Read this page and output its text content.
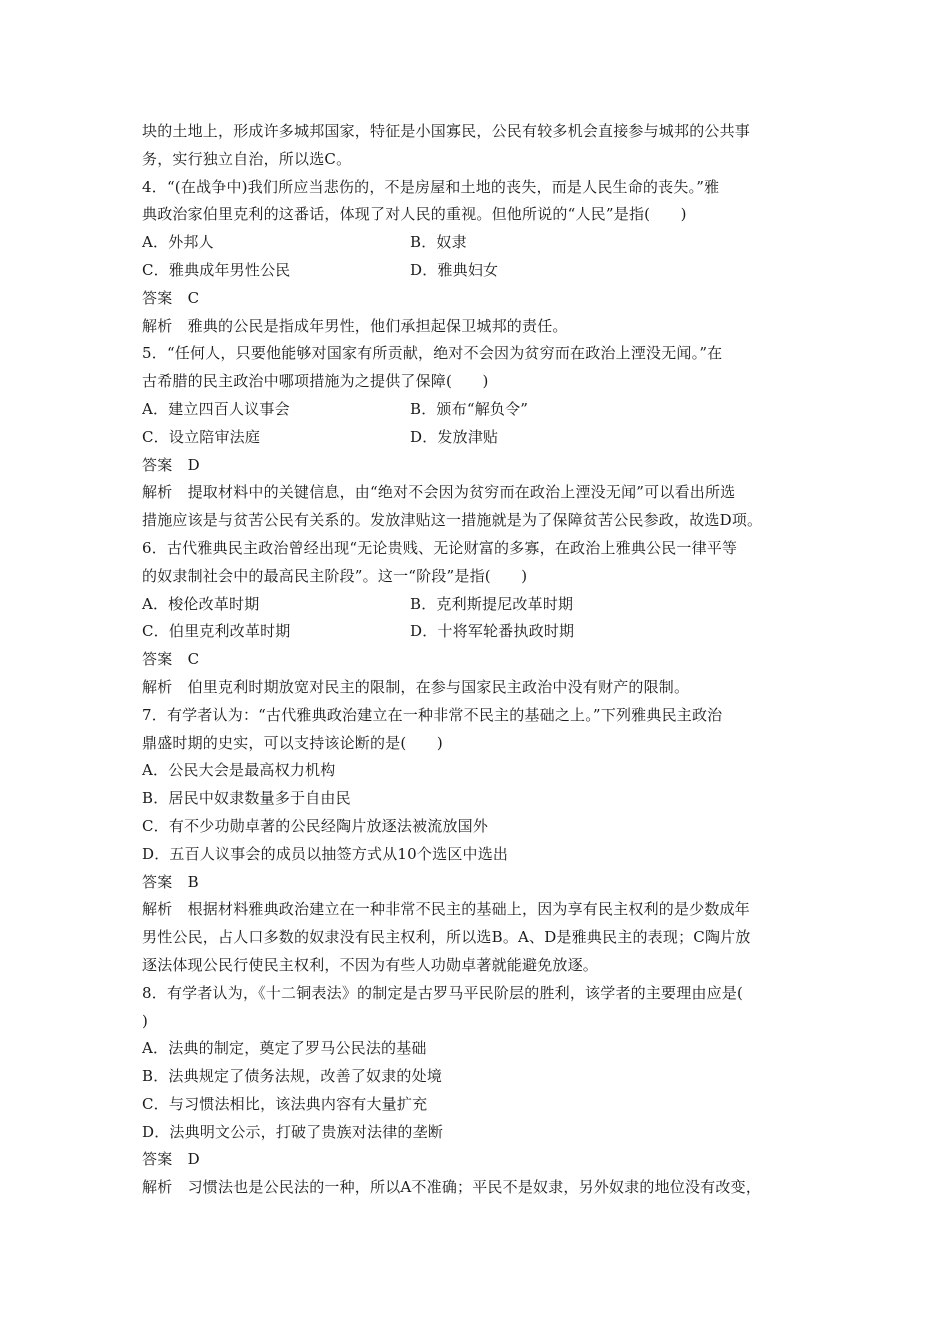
块的土地上，形成许多城邦国家，特征是小国寡民，公民有较多机会直接参与城邦的公共事
务，实行独立自治，所以选C。
4．“(在战争中)我们所应当悲伤的，不是房屋和土地的丧失，而是人民生命的丧失。”雅
典政治家伯里克利的这番话，体现了对人民的重视。但他所说的“人民”是指(　　)
A．外邦人	B．奴隶
C．雅典成年男性公民	D．雅典妇女
答案　C
解析　雅典的公民是指成年男性，他们承担起保卫城邦的责任。
5．“任何人，只要他能够对国家有所贡献，绝对不会因为贫穷而在政治上湮没无闻。”在
古希腊的民主政治中哪项措施为之提供了保障(　　)
A．建立四百人议事会	B．颁布“解负令”
C．设立陪审法庭	D．发放津贴
答案　D
解析　提取材料中的关键信息，由“绝对不会因为贫穷而在政治上湮没无闻”可以看出所选
措施应该是与贫苦公民有关系的。发放津贴这一措施就是为了保障贫苦公民参政，故选D项。
6．古代雅典民主政治曾经出现“无论贵贱、无论财富的多寡，在政治上雅典公民一律平等
的奴隶制社会中的最高民主阶段”。这一“阶段”是指(　　)
A．梭伦改革时期	B．克利斯提尼改革时期
C．伯里克利改革时期	D．十将军轮番执政时期
答案　C
解析　伯里克利时期放宽对民主的限制，在参与国家民主政治中没有财产的限制。
7．有学者认为：“古代雅典政治建立在一种非常不民主的基础之上。”下列雅典民主政治
鼎盛时期的史实，可以支持该论断的是(　　)
A．公民大会是最高权力机构
B．居民中奴隶数量多于自由民
C．有不少功勋卓著的公民经陶片放逐法被流放国外
D．五百人议事会的成员以抽签方式从10个选区中选出
答案　B
解析　根据材料雅典政治建立在一种非常不民主的基础上，因为享有民主权利的是少数成年
男性公民，占人口多数的奴隶没有民主权利，所以选B。A、D是雅典民主的表现；C陶片放
逐法体现公民行使民主权利，不因为有些人功勋卓著就能避免放逐。
8．有学者认为，《十二铜表法》的制定是古罗马平民阶层的胜利，该学者的主要理由应是(
)
A．法典的制定，奠定了罗马公民法的基础
B．法典规定了债务法规，改善了奴隶的处境
C．与习惯法相比，该法典内容有大量扩充
D．法典明文公示，打破了贵族对法律的垄断
答案　D
解析　习惯法也是公民法的一种，所以A不准确；平民不是奴隶，另外奴隶的地位没有改变，
